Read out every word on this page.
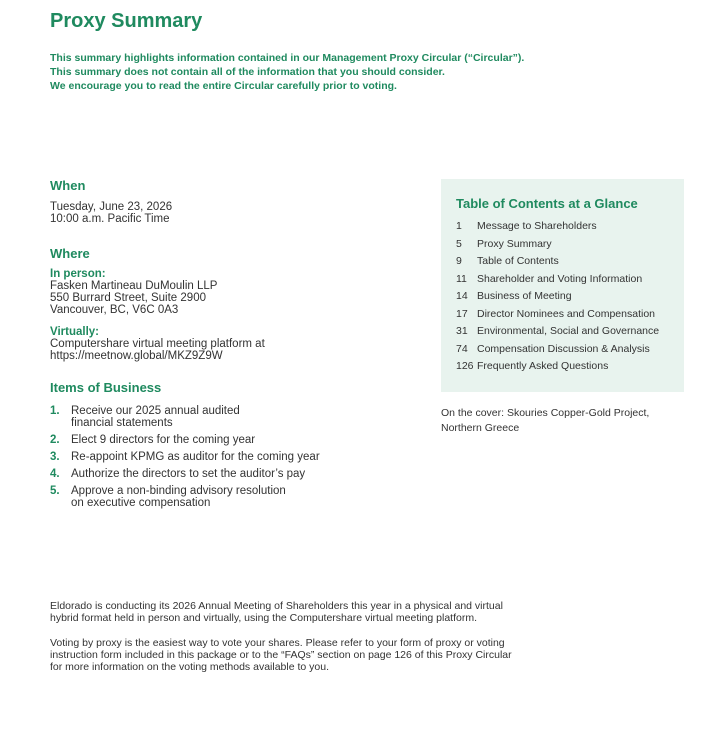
Proxy Summary
This summary highlights information contained in our Management Proxy Circular (“Circular”).
This summary does not contain all of the information that you should consider.
We encourage you to read the entire Circular carefully prior to voting.
When
Tuesday, June 23, 2026
10:00 a.m. Pacific Time
Where
In person:
Fasken Martineau DuMoulin LLP
550 Burrard Street, Suite 2900
Vancouver, BC, V6C 0A3
Virtually:
Computershare virtual meeting platform at
https://meetnow.global/MKZ9Z9W
Items of Business
1. Receive our 2025 annual audited
financial statements
2. Elect 9 directors for the coming year
3. Re-appoint KPMG as auditor for the coming year
4. Authorize the directors to set the auditor’s pay
5. Approve a non-binding advisory resolution
on executive compensation
Table of Contents at a Glance
1	Message to Shareholders
5	Proxy Summary
9	Table of Contents
11 Shareholder and Voting Information
14 Business of Meeting
17 Director Nominees and Compensation
31 Environmental, Social and Governance
74 Compensation Discussion & Analysis
126 Frequently Asked Questions
On the cover: Skouries Copper-Gold Project,
Northern Greece

Eldorado is conducting its 2026 Annual Meeting of Shareholders this year in a physical and virtual
hybrid format held in person and virtually, using the Computershare virtual meeting platform.

Voting by proxy is the easiest way to vote your shares. Please refer to your form of proxy or voting
instruction form included in this package or to the “FAQs” section on page 126 of this Proxy Circular
for more information on the voting methods available to you.
